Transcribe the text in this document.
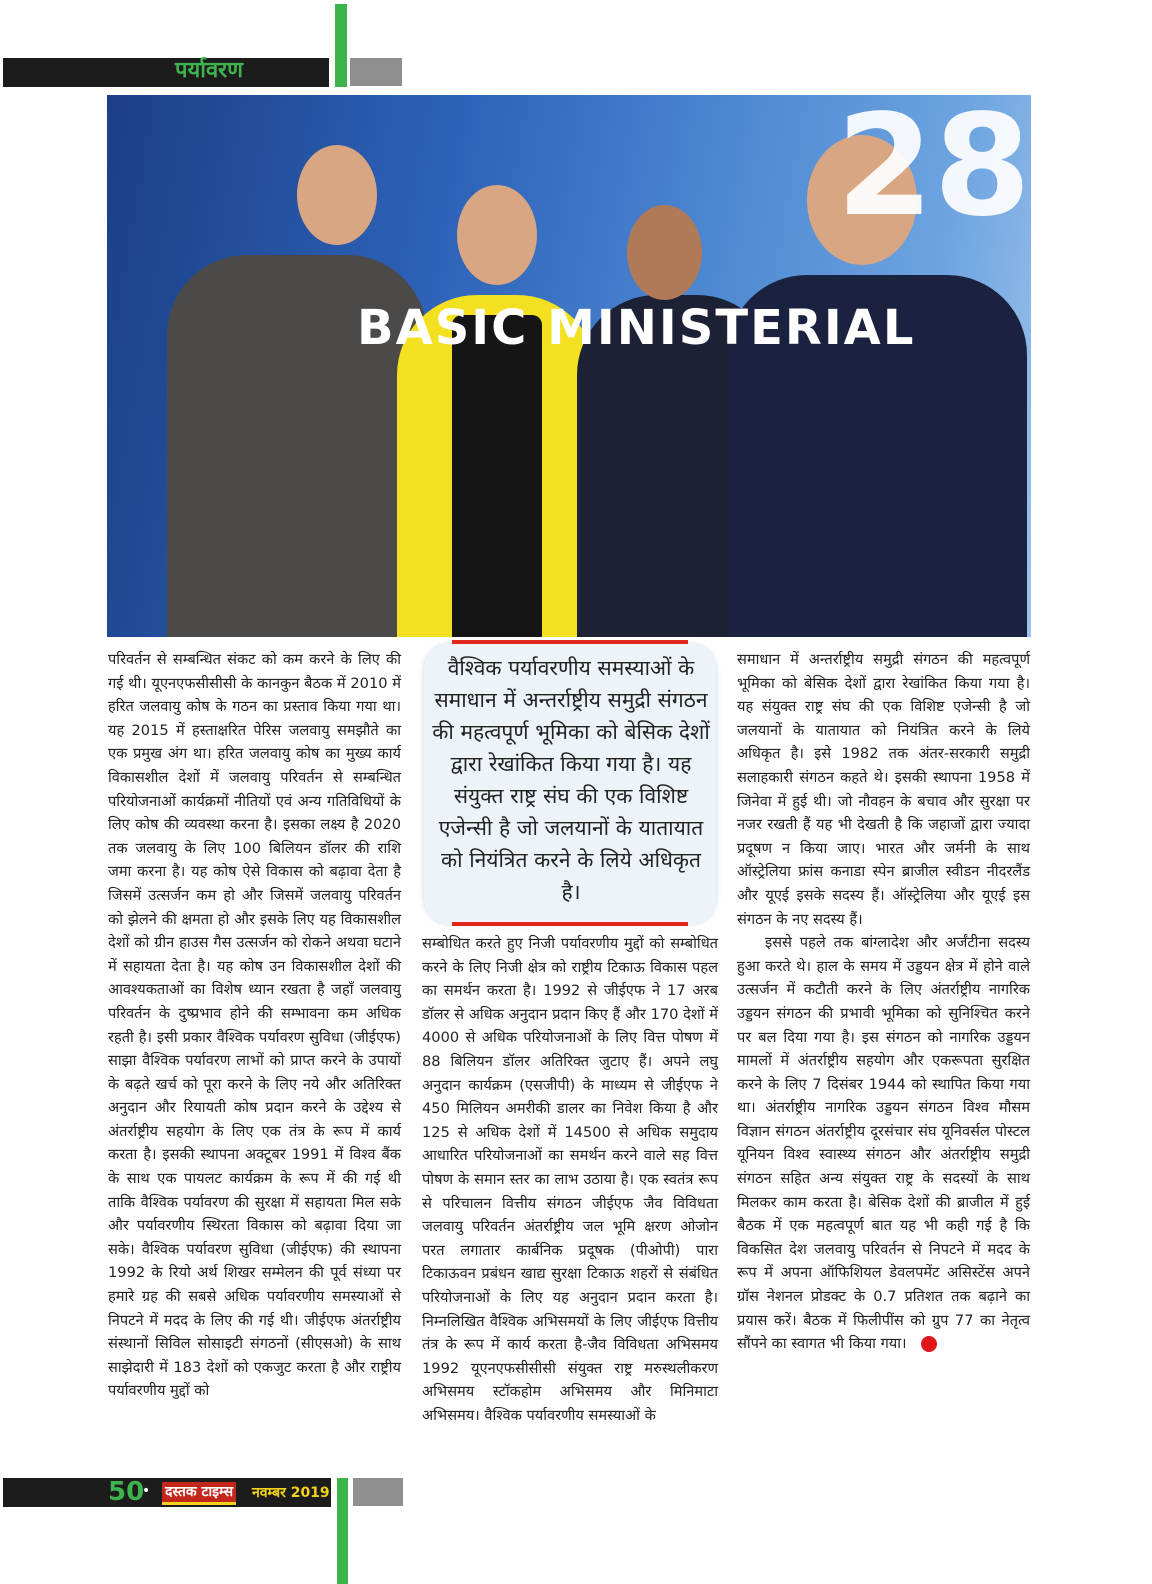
पर्यावरण
28
BASIC MINISTERIAL

परिवर्तन से सम्बन्धित संकट को कम करने के लिए की गई थी। यूएनएफसीसीसी के कानकुन बैठक में 2010 में हरित जलवायु कोष के गठन का प्रस्ताव किया गया था। यह 2015 में हस्ताक्षरित पेरिस जलवायु समझौते का एक प्रमुख अंग था। हरित जलवायु कोष का मुख्य कार्य विकासशील देशों में जलवायु परिवर्तन से सम्बन्धित परियोजनाओं कार्यक्रमों नीतियों एवं अन्य गतिविधियों के लिए कोष की व्यवस्था करना है। इसका लक्ष्य है 2020 तक जलवायु के लिए 100 बिलियन डॉलर की राशि जमा करना है। यह कोष ऐसे विकास को बढ़ावा देता है जिसमें उत्सर्जन कम हो और जिसमें जलवायु परिवर्तन को झेलने की क्षमता हो और इसके लिए यह विकासशील देशों को ग्रीन हाउस गैस उत्सर्जन को रोकने अथवा घटाने में सहायता देता है। यह कोष उन विकासशील देशों की आवश्यकताओं का विशेष ध्यान रखता है जहाँ जलवायु परिवर्तन के दुष्प्रभाव होने की सम्भावना कम अधिक रहती है। इसी प्रकार वैश्विक पर्यावरण सुविधा (जीईएफ) साझा वैश्विक पर्यावरण लाभों को प्राप्त करने के उपायों के बढ़ते खर्च को पूरा करने के लिए नये और अतिरिक्त अनुदान और रियायती कोष प्रदान करने के उद्देश्य से अंतर्राष्ट्रीय सहयोग के लिए एक तंत्र के रूप में कार्य करता है। इसकी स्थापना अक्टूबर 1991 में विश्व बैंक के साथ एक पायलट कार्यक्रम के रूप में की गई थी ताकि वैश्विक पर्यावरण की सुरक्षा में सहायता मिल सके और पर्यावरणीय स्थिरता विकास को बढ़ावा दिया जा सके। वैश्विक पर्यावरण सुविधा (जीईएफ) की स्थापना 1992 के रियो अर्थ शिखर सम्मेलन की पूर्व संध्या पर हमारे ग्रह की सबसे अधिक पर्यावरणीय समस्याओं से निपटने में मदद के लिए की गई थी। जीईएफ अंतर्राष्ट्रीय संस्थानों सिविल सोसाइटी संगठनों (सीएसओ) के साथ साझेदारी में 183 देशों को एकजुट करता है और राष्ट्रीय पर्यावरणीय मुद्दों को

वैश्विक पर्यावरणीय समस्याओं के समाधान में अन्तर्राष्ट्रीय समुद्री संगठन की महत्वपूर्ण भूमिका को बेसिक देशों द्वारा रेखांकित किया गया है। यह संयुक्त राष्ट्र संघ की एक विशिष्ट एजेन्सी है जो जलयानों के यातायात को नियंत्रित करने के लिये अधिकृत है।

सम्बोधित करते हुए निजी पर्यावरणीय मुद्दों को सम्बोधित करने के लिए निजी क्षेत्र को राष्ट्रीय टिकाऊ विकास पहल का समर्थन करता है। 1992 से जीईएफ ने 17 अरब डॉलर से अधिक अनुदान प्रदान किए हैं और 170 देशों में 4000 से अधिक परियोजनाओं के लिए वित्त पोषण में 88 बिलियन डॉलर अतिरिक्त जुटाए हैं। अपने लघु अनुदान कार्यक्रम (एसजीपी) के माध्यम से जीईएफ ने 450 मिलियन अमरीकी डालर का निवेश किया है और 125 से अधिक देशों में 14500 से अधिक समुदाय आधारित परियोजनाओं का समर्थन करने वाले सह वित्त पोषण के समान स्तर का लाभ उठाया है। एक स्वतंत्र रूप से परिचालन वित्तीय संगठन जीईएफ जैव विविधता जलवायु परिवर्तन अंतर्राष्ट्रीय जल भूमि क्षरण ओजोन परत लगातार कार्बनिक प्रदूषक (पीओपी) पारा टिकाऊवन प्रबंधन खाद्य सुरक्षा टिकाऊ शहरों से संबंधित परियोजनाओं के लिए यह अनुदान प्रदान करता है। निम्नलिखित वैश्विक अभिसमयों के लिए जीईएफ वित्तीय तंत्र के रूप में कार्य करता है-जैव विविधता अभिसमय 1992 यूएनएफसीसीसी संयुक्त राष्ट्र मरुस्थलीकरण अभिसमय स्टॉकहोम अभिसमय और मिनिमाटा अभिसमय। वैश्विक पर्यावरणीय समस्याओं के

समाधान में अन्तर्राष्ट्रीय समुद्री संगठन की महत्वपूर्ण भूमिका को बेसिक देशों द्वारा रेखांकित किया गया है। यह संयुक्त राष्ट्र संघ की एक विशिष्ट एजेन्सी है जो जलयानों के यातायात को नियंत्रित करने के लिये अधिकृत है। इसे 1982 तक अंतर-सरकारी समुद्री सलाहकारी संगठन कहते थे। इसकी स्थापना 1958 में जिनेवा में हुई थी। जो नौवहन के बचाव और सुरक्षा पर नजर रखती हैं यह भी देखती है कि जहाजों द्वारा ज्यादा प्रदूषण न किया जाए। भारत और जर्मनी के साथ ऑस्ट्रेलिया फ्रांस कनाडा स्पेन ब्राजील स्वीडन नीदरलैंड और यूएई इसके सदस्य हैं। ऑस्ट्रेलिया और यूएई इस संगठन के नए सदस्य हैं।

इससे पहले तक बांग्लादेश और अर्जंटीना सदस्य हुआ करते थे। हाल के समय में उड्डयन क्षेत्र में होने वाले उत्सर्जन में कटौती करने के लिए अंतर्राष्ट्रीय नागरिक उड्डयन संगठन की प्रभावी भूमिका को सुनिश्चित करने पर बल दिया गया है। इस संगठन को नागरिक उड्डयन मामलों में अंतर्राष्ट्रीय सहयोग और एकरूपता सुरक्षित करने के लिए 7 दिसंबर 1944 को स्थापित किया गया था। अंतर्राष्ट्रीय नागरिक उड्डयन संगठन विश्व मौसम विज्ञान संगठन अंतर्राष्ट्रीय दूरसंचार संघ यूनिवर्सल पोस्टल यूनियन विश्व स्वास्थ्य संगठन और अंतर्राष्ट्रीय समुद्री संगठन सहित अन्य संयुक्त राष्ट्र के सदस्यों के साथ मिलकर काम करता है। बेसिक देशों की ब्राजील में हुई बैठक में एक महत्वपूर्ण बात यह भी कही गई है कि विकसित देश जलवायु परिवर्तन से निपटने में मदद के रूप में अपना ऑफिशियल डेवलपमेंट असिस्टेंस अपने ग्रॉस नेशनल प्रोडक्ट के 0.7 प्रतिशत तक बढ़ाने का प्रयास करें। बैठक में फिलीपींस को ग्रुप 77 का नेतृत्व सौंपने का स्वागत भी किया गया।

50
• दस्तक टाइम्स नवम्बर 2019
